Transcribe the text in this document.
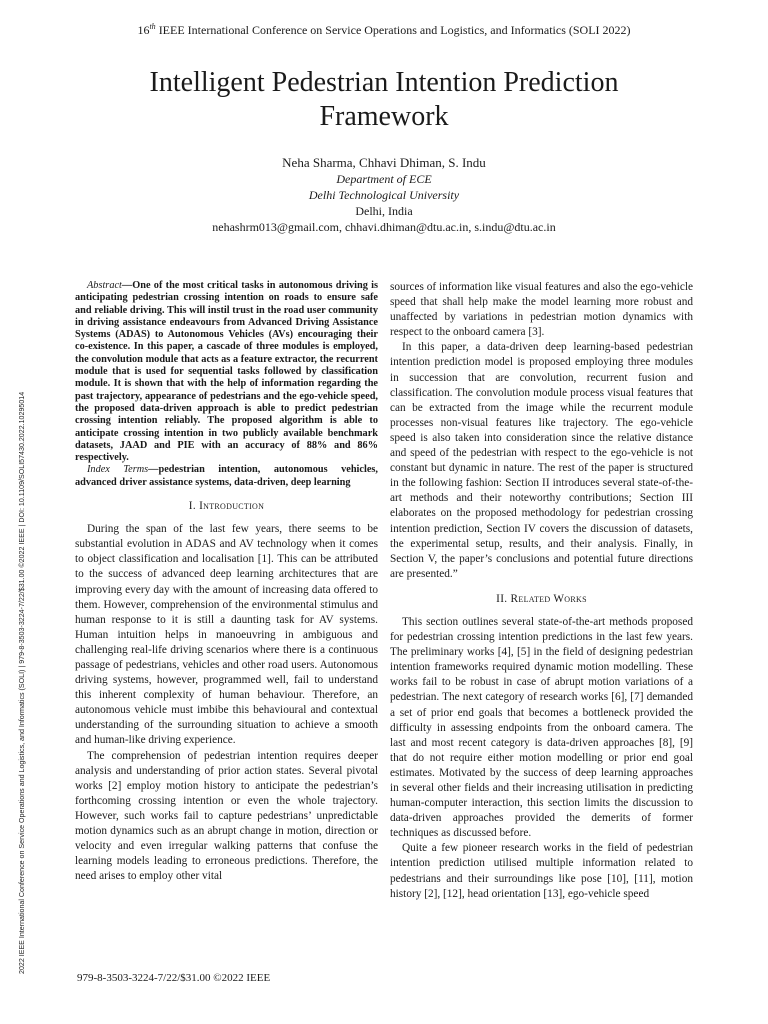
16th IEEE International Conference on Service Operations and Logistics, and Informatics (SOLI 2022)
Intelligent Pedestrian Intention Prediction Framework
Neha Sharma, Chhavi Dhiman, S. Indu
Department of ECE
Delhi Technological University
Delhi, India
nehashrm013@gmail.com, chhavi.dhiman@dtu.ac.in, s.indu@dtu.ac.in
2022 IEEE International Conference on Service Operations and Logistics, and Informatics (SOLI) | 979-8-3503-3224-7/22/$31.00 ©2022 IEEE | DOI: 10.1109/SOLI57430.2022.10295014

Abstract—One of the most critical tasks in autonomous driving is anticipating pedestrian crossing intention on roads to ensure safe and reliable driving. This will instil trust in the road user community in driving assistance endeavours from Advanced Driving Assistance Systems (ADAS) to Autonomous Vehicles (AVs) encouraging their co-existence. In this paper, a cascade of three modules is employed, the convolution module that acts as a feature extractor, the recurrent module that is used for sequential tasks followed by classification module. It is shown that with the help of information regarding the past trajectory, appearance of pedestrians and the ego-vehicle speed, the proposed data-driven approach is able to predict pedestrian crossing intention reliably. The proposed algorithm is able to anticipate crossing intention in two publicly available benchmark datasets, JAAD and PIE with an accuracy of 88% and 86% respectively.

Index Terms—pedestrian intention, autonomous vehicles, advanced driver assistance systems, data-driven, deep learning

I. Introduction

During the span of the last few years, there seems to be substantial evolution in ADAS and AV technology when it comes to object classification and localisation [1]. This can be attributed to the success of advanced deep learning architectures that are improving every day with the amount of increasing data offered to them. However, comprehension of the environmental stimulus and human response to it is still a daunting task for AV systems. Human intuition helps in manoeuvring in ambiguous and challenging real-life driving scenarios where there is a continuous passage of pedestrians, vehicles and other road users. Autonomous driving systems, however, programmed well, fail to understand this inherent complexity of human behaviour. Therefore, an autonomous vehicle must imbibe this behavioural and contextual understanding of the surrounding situation to achieve a smooth and human-like driving experience.

The comprehension of pedestrian intention requires deeper analysis and understanding of prior action states. Several pivotal works [2] employ motion history to anticipate the pedestrian’s forthcoming crossing intention or even the whole trajectory. However, such works fail to capture pedestrians’ unpredictable motion dynamics such as an abrupt change in motion, direction or velocity and even irregular walking patterns that confuse the learning models leading to erroneous predictions. Therefore, the need arises to employ other vital

sources of information like visual features and also the ego-vehicle speed that shall help make the model learning more robust and unaffected by variations in pedestrian motion dynamics with respect to the onboard camera [3].

In this paper, a data-driven deep learning-based pedestrian intention prediction model is proposed employing three modules in succession that are convolution, recurrent fusion and classification. The convolution module process visual features that can be extracted from the image while the recurrent module processes non-visual features like trajectory. The ego-vehicle speed is also taken into consideration since the relative distance and speed of the pedestrian with respect to the ego-vehicle is not constant but dynamic in nature. The rest of the paper is structured in the following fashion: Section II introduces several state-of-the-art methods and their noteworthy contributions; Section III elaborates on the proposed methodology for pedestrian crossing intention prediction, Section IV covers the discussion of datasets, the experimental setup, results, and their analysis. Finally, in Section V, the paper’s conclusions and potential future directions are presented.”

II. Related Works

This section outlines several state-of-the-art methods proposed for pedestrian crossing intention predictions in the last few years. The preliminary works [4], [5] in the field of designing pedestrian intention frameworks required dynamic motion modelling. These works fail to be robust in case of abrupt motion variations of a pedestrian. The next category of research works [6], [7] demanded a set of prior end goals that becomes a bottleneck provided the difficulty in assessing endpoints from the onboard camera. The last and most recent category is data-driven approaches [8], [9] that do not require either motion modelling or prior end goal estimates. Motivated by the success of deep learning approaches in several other fields and their increasing utilisation in predicting human-computer interaction, this section limits the discussion to data-driven approaches provided the demerits of former techniques as discussed before.

Quite a few pioneer research works in the field of pedestrian intention prediction utilised multiple information related to pedestrians and their surroundings like pose [10], [11], motion history [2], [12], head orientation [13], ego-vehicle speed

979-8-3503-3224-7/22/$31.00 ©2022 IEEE
